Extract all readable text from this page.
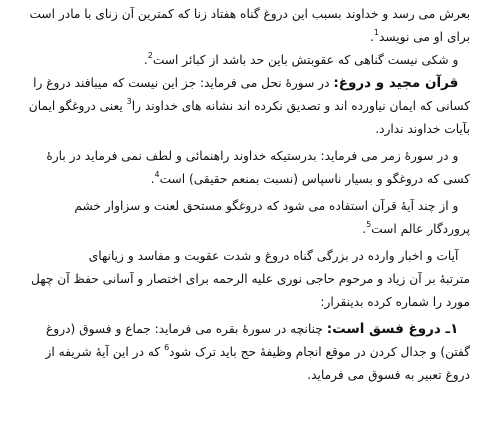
بعرش می رسد و خداوند بسبب این دروغ گناه هفتاد زنا که کمترین آن زنای با مادر است
برای او می نویسد$^1$.
و شکی نیست گناهی که عقوبتش باین حد باشد از کبائر است$^2$.
قرآن مجید و دروغ: در سورهٔ نحل می فرماید: جز این نیست که میبافند دروغ را
کسانی که ایمان نیاورده اند و تصدیق نکرده اند نشانه های خداوند را$^3$ یعنی دروغگو ایمان
بآیات خداوند ندارد.
و در سورهٔ زمر می فرماید: بدرستیکه خداوند راهنمائی و لطف نمی فرماید در بارهٔ
کسی که دروغگو و بسیار ناسپاس (نسبت بمنعم حقیقی) است$^4$.
و از چند آیهٔ قرآن استفاده می شود که دروغگو مستحق لعنت و سزاوار خشم
پروردگار عالم است$^5$.
آیات و اخبار وارده در بزرگی گناه دروغ و شدت عقوبت و مفاسد و زیانهای
مترتبهٔ بر آن زیاد و مرحوم حاجی نوری علیه الرحمه برای اختصار و آسانی حفظ آن چهل
مورد را شماره کرده بدینقرار:
۱ـ دروغ فسق است: چنانچه در سورهٔ بقره می فرماید: جماع و فسوق (دروغ
گفتن) و جدال کردن در موقع انجام وظیفهٔ حج باید ترک شود$^6$ که در این آیهٔ شریفه از
دروغ تعبیر به فسوق می فرماید.
